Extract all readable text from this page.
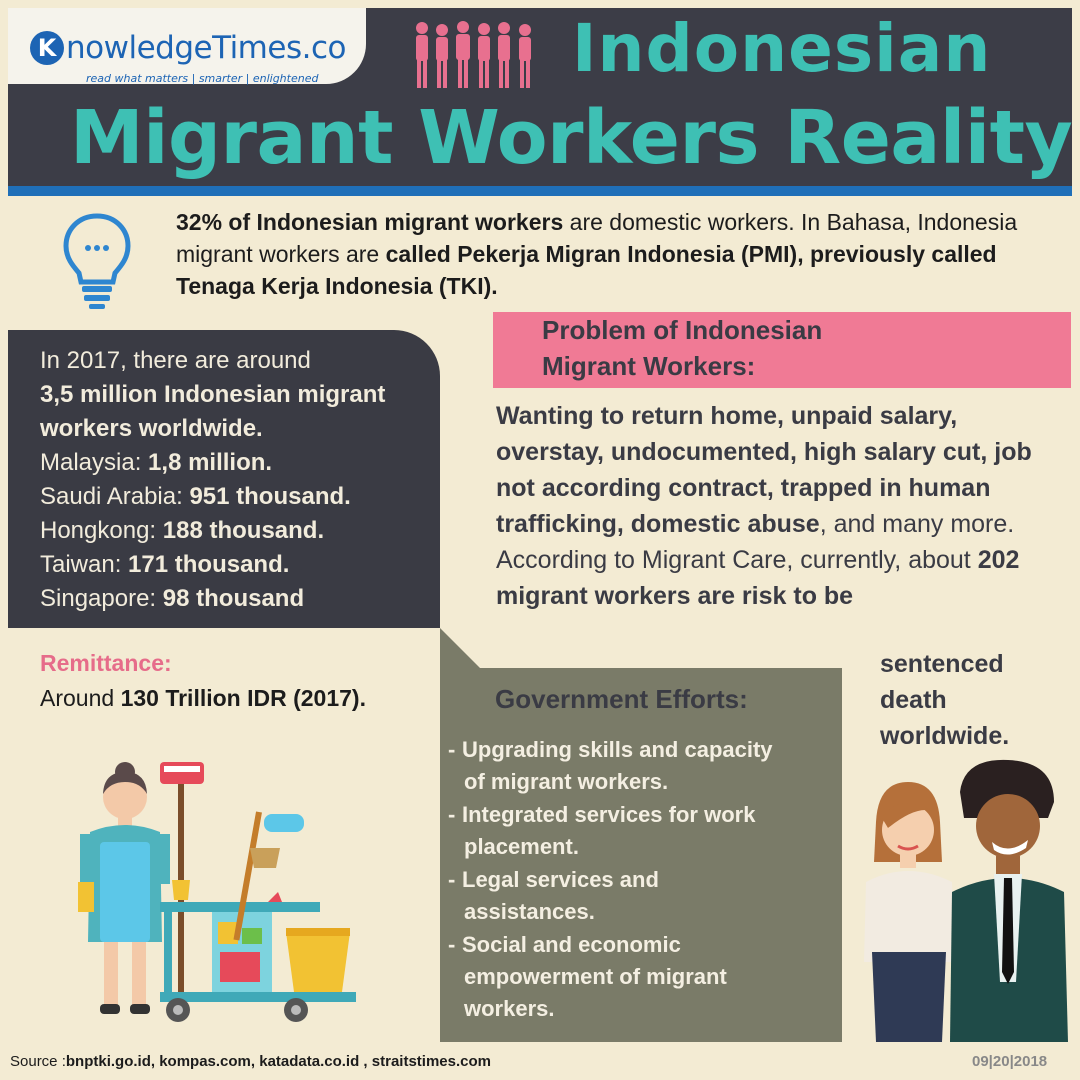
K nowledgeTimes.co
read what matters | smarter | enlightened	Indonesian
Migrant Workers Reality
32% of Indonesian migrant workers are domestic workers. In Bahasa, Indonesia migrant workers are called Pekerja Migran Indonesia (PMI), previously called Tenaga Kerja Indonesia (TKI).
In 2017, there are around
3,5 million Indonesian migrant workers worldwide.
Malaysia: 1,8 million.
Saudi Arabia: 951 thousand.
Hongkong: 188 thousand.
Taiwan: 171 thousand.
Singapore: 98 thousand
Problem of Indonesian
Migrant Workers:
Wanting to return home, unpaid salary, overstay, undocumented, high salary cut, job not according contract, trapped in human trafficking, domestic abuse, and many more.
According to Migrant Care, currently, about 202 migrant workers are risk to be
sentenced death worldwide.
Remittance:
Around 130 Trillion IDR (2017).	Government Efforts:
- Upgrading skills and capacity
of migrant workers.
- Integrated services for work
placement.
- Legal services and
assistances.
- Social and economic
empowerment of migrant
workers.
Source :bnptki.go.id, kompas.com, katadata.co.id , straitstimes.com	09|20|2018
